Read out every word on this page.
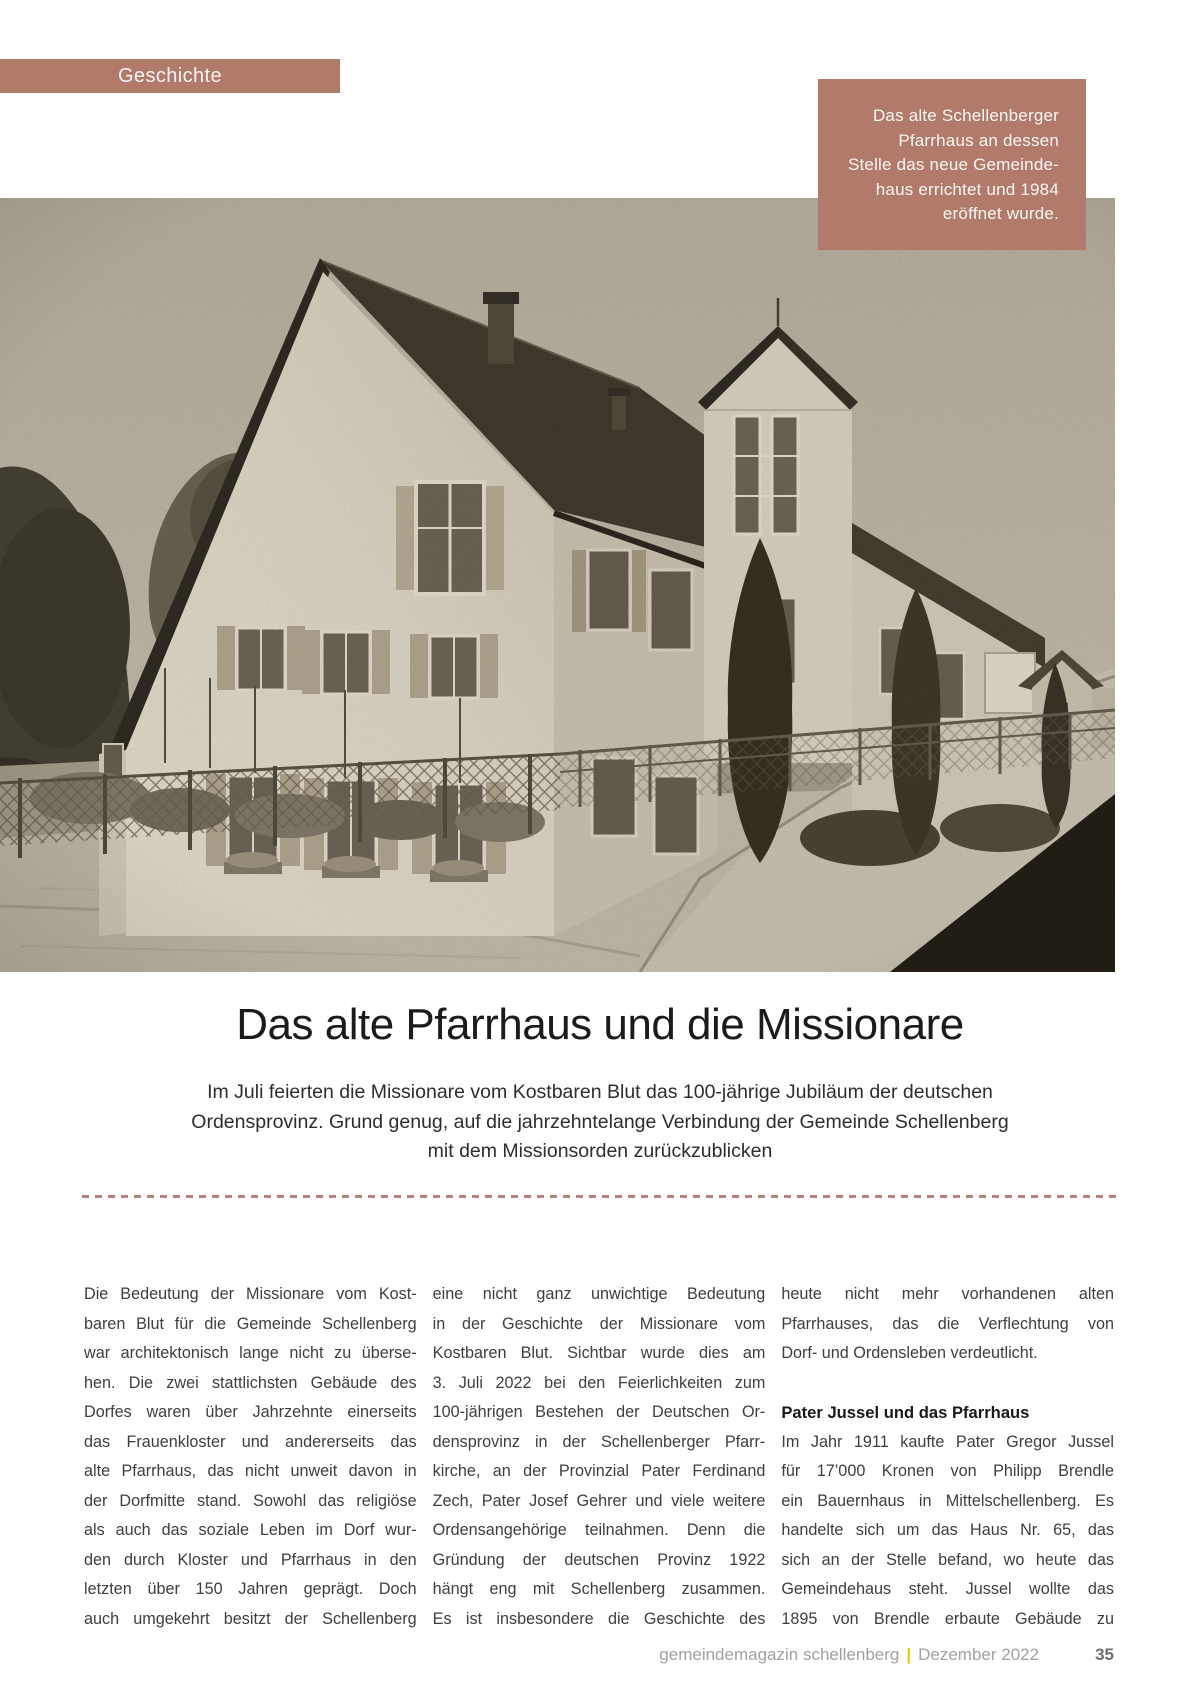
Geschichte
Das alte Schellenberger
Pfarrhaus an dessen
Stelle das neue Gemeinde-
haus errichtet und 1984
eröffnet wurde.
Das alte Pfarrhaus und die Missionare
Im Juli feierten die Missionare vom Kostbaren Blut das 100-jährige Jubiläum der deutschen
Ordensprovinz. Grund genug, auf die jahrzehntelange Verbindung der Gemeinde Schellenberg
mit dem Missionsorden zurückzublicken
Die Bedeutung der Missionare vom Kost-
baren Blut für die Gemeinde Schellenberg
war architektonisch lange nicht zu überse-
hen. Die zwei stattlichsten Gebäude des
Dorfes waren über Jahrzehnte einerseits
das Frauenkloster und andererseits das
alte Pfarrhaus, das nicht unweit davon in
der Dorfmitte stand. Sowohl das religiöse
als auch das soziale Leben im Dorf wur-
den durch Kloster und Pfarrhaus in den
letzten über 150 Jahren geprägt. Doch
auch umgekehrt besitzt der Schellenberg
eine nicht ganz unwichtige Bedeutung
in der Geschichte der Missionare vom
Kostbaren Blut. Sichtbar wurde dies am
3. Juli 2022 bei den Feierlichkeiten zum
100-jährigen Bestehen der Deutschen Or-
densprovinz in der Schellenberger Pfarr-
kirche, an der Provinzial Pater Ferdinand
Zech, Pater Josef Gehrer und viele weitere
Ordensangehörige teilnahmen. Denn die
Gründung der deutschen Provinz 1922
hängt eng mit Schellenberg zusammen.
Es ist insbesondere die Geschichte des
heute nicht mehr vorhandenen alten
Pfarrhauses, das die Verflechtung von
Dorf- und Ordensleben verdeutlicht.
Pater Jussel und das Pfarrhaus
Im Jahr 1911 kaufte Pater Gregor Jussel
für 17’000 Kronen von Philipp Brendle
ein Bauernhaus in Mittelschellenberg. Es
handelte sich um das Haus Nr. 65, das
sich an der Stelle befand, wo heute das
Gemeindehaus steht. Jussel wollte das
1895 von Brendle erbaute Gebäude zu
gemeindemagazin schellenberg | Dezember 2022	35
